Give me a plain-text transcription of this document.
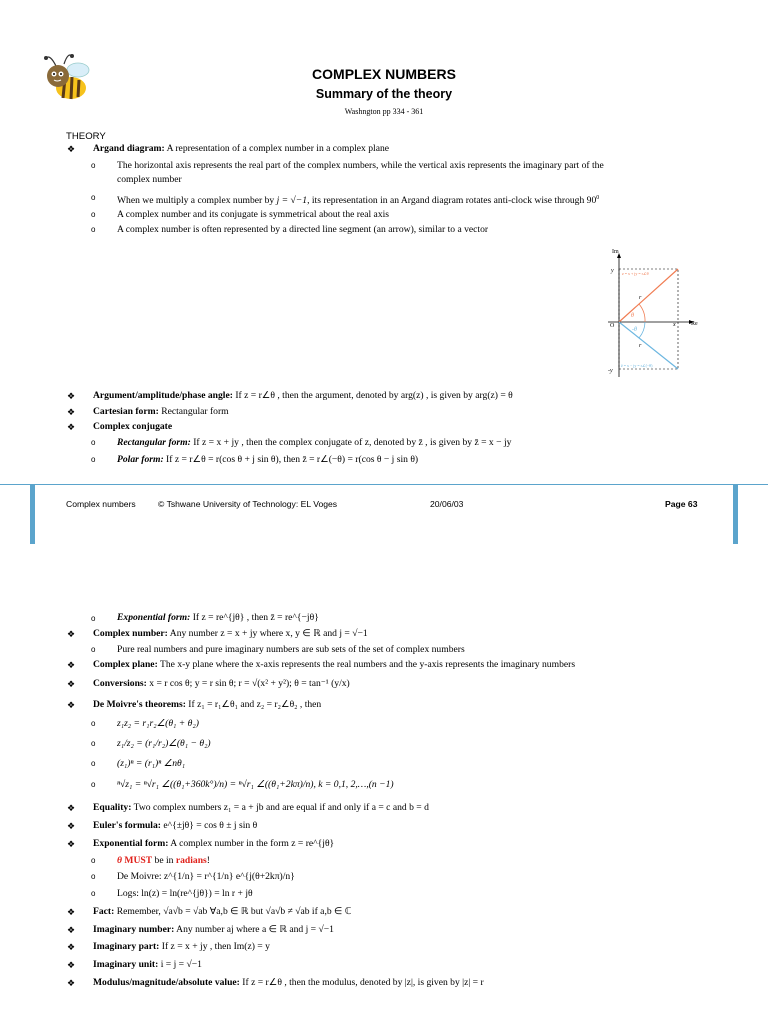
COMPLEX NUMBERS
Summary of the theory
Washngton pp 334 - 361
THEORY
❖ Argand diagram: A representation of a complex number in a complex plane
o The horizontal axis represents the real part of the complex numbers, while the vertical axis represents the imaginary part of the
complex number
o When we multiply a complex number by j = √−1, its representation in an Argand diagram rotates anti-clock wise through $90^0$
o A complex number and its conjugate is symmetrical about the real axis
o A complex number is often represented by a directed line segment (an arrow), similar to a vector
Im
Re
O
y
-y
x
r
r
θ
-θ
z = x + jy = r∠θ
z̄ = x − jy = r∠(−θ)
❖ Argument/amplitude/phase angle: If z = r∠θ , then the argument, denoted by arg(z) , is given by arg(z) = θ
❖ Cartesian form: Rectangular form
❖ Complex conjugate
o Rectangular form: If z = x + jy , then the complex conjugate of z, denoted by z̄ , is given by z̄ = x − jy
o Polar form: If z = r∠θ = r(cos θ + j sin θ), then z̄ = r∠(−θ) = r(cos θ − j sin θ)
Complex numbers	© Tshwane University of Technology: EL Voges	20/06/03	Page 63
o Exponential form: If z = re^{jθ} , then z̄ = re^{−jθ}
❖ Complex number: Any number z = x + jy where x, y ∈ ℝ and j = √−1
o Pure real numbers and pure imaginary numbers are sub sets of the set of complex numbers
❖ Complex plane: The x-y plane where the x-axis represents the real numbers and the y-axis represents the imaginary numbers
❖ Conversions: x = r cos θ; y = r sin θ; r = √(x² + y²); θ = tan⁻¹ (y/x)
❖ De Moivre's theorems: If z₁ = r₁∠θ₁ and z₂ = r₂∠θ₂ , then
o z₁z₂ = r₁r₂∠(θ₁ + θ₂)
o z₁/z₂ = (r₁/r₂)∠(θ₁ − θ₂)
o (z₁)ⁿ = (r₁)ⁿ ∠nθ₁
o ⁿ√z₁ = ⁿ√r₁ ∠((θ₁+360k°)/n) = ⁿ√r₁ ∠((θ₁+2kπ)/n), k = 0,1, 2,…,(n −1)
❖ Equality: Two complex numbers z₁ = a + jb and are equal if and only if a = c and b = d
❖ Euler's formula: e^{±jθ} = cos θ ± j sin θ
❖ Exponential form: A complex number in the form z = re^{jθ}
o θ MUST be in radians!
o De Moivre: z^{1/n} = r^{1/n} e^{j(θ+2kπ)/n}
o Logs: ln(z) = ln(re^{jθ}) = ln r + jθ
❖ Fact: Remember, √a√b = √ab ∀a,b ∈ ℝ but √a√b ≠ √ab if a,b ∈ ℂ
❖ Imaginary number: Any number aj where a ∈ ℝ and j = √−1
❖ Imaginary part: If z = x + jy , then Im(z) = y
❖ Imaginary unit: i = j = √−1
❖ Modulus/magnitude/absolute value: If z = r∠θ , then the modulus, denoted by |z|, is given by |z| = r
